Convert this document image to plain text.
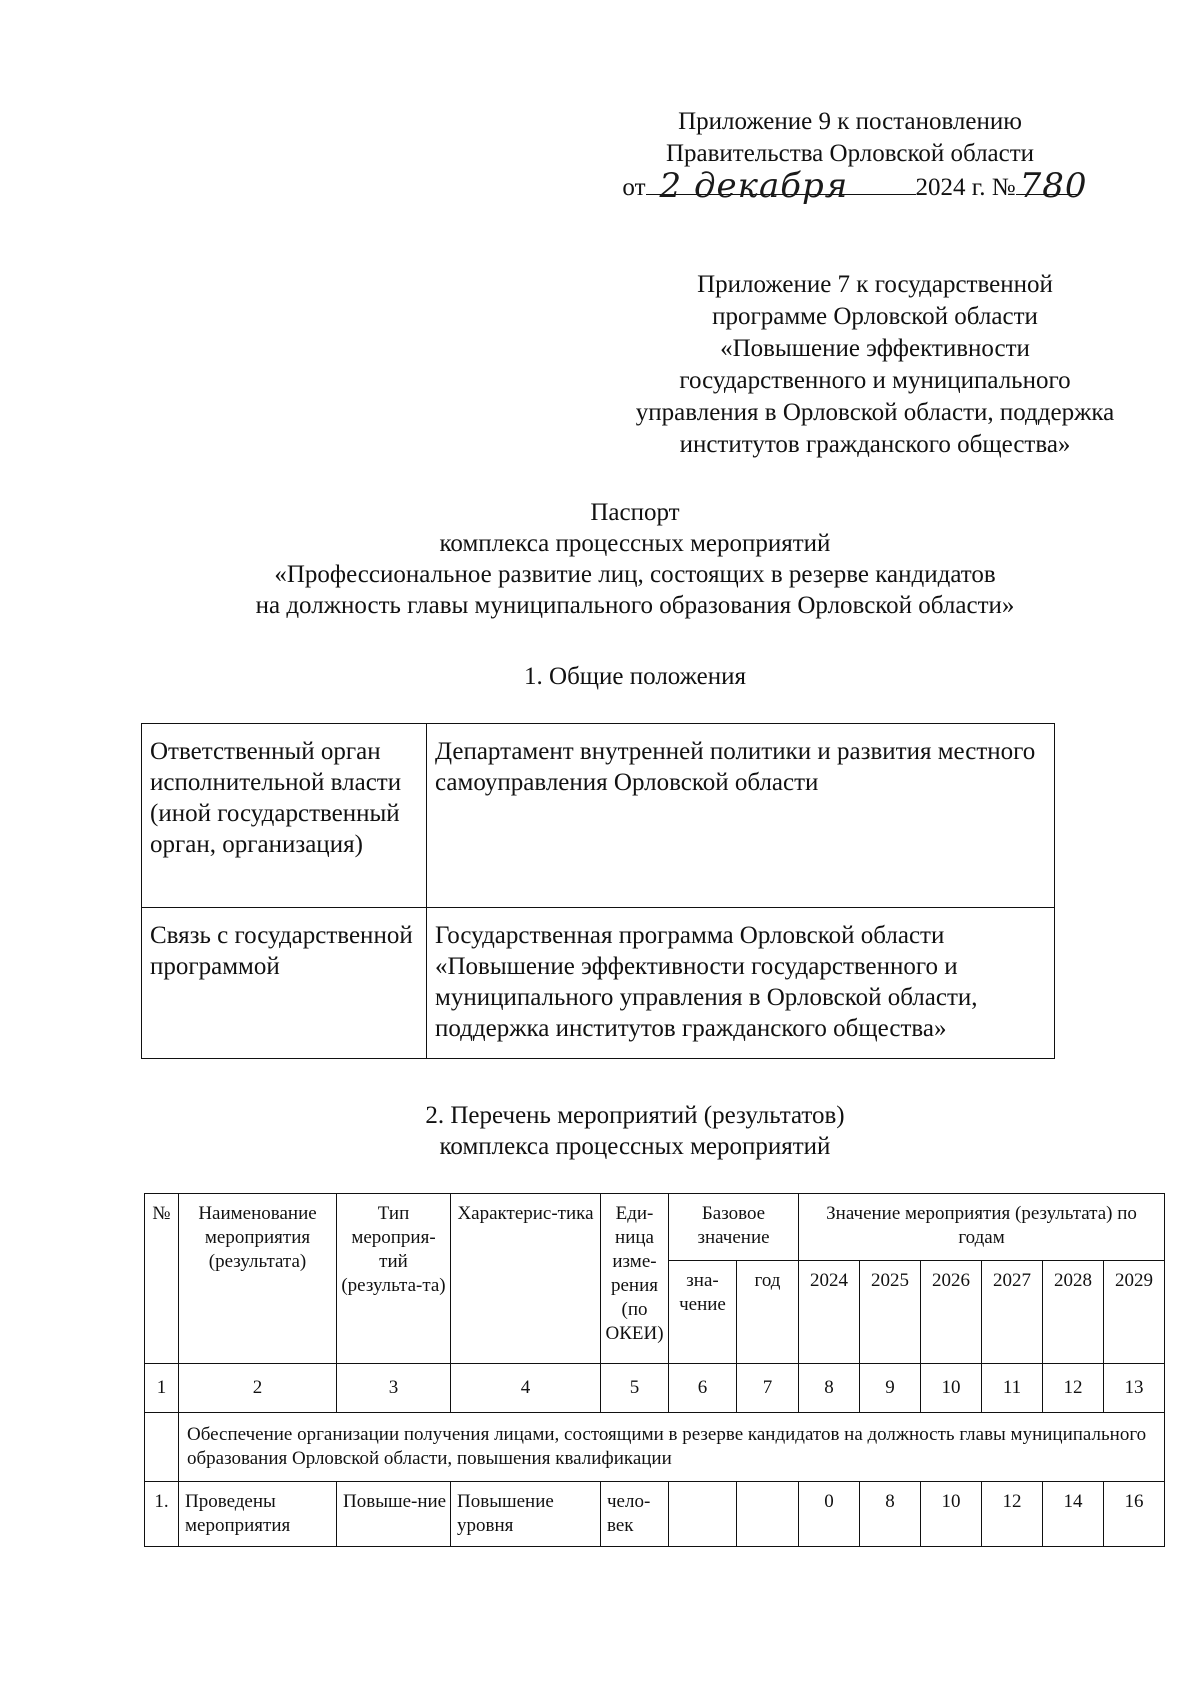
Приложение 9 к постановлению
Правительства Орловской области
от 2 декабря	2024 г. № 780
Приложение 7 к государственной
программе Орловской области
«Повышение эффективности
государственного и муниципального
управления в Орловской области, поддержка
институтов гражданского общества»
Паспорт
комплекса процессных мероприятий
«Профессиональное развитие лиц, состоящих в резерве кандидатов
на должность главы муниципального образования Орловской области»
1. Общие положения
Ответственный орган исполнительной власти (иной государственный орган, организация)	Департамент внутренней политики и развития местного самоуправления Орловской области
Связь с государственной программой	Государственная программа Орловской области «Повышение эффективности государственного и муниципального управления в Орловской области, поддержка институтов гражданского общества»
2. Перечень мероприятий (результатов)
комплекса процессных мероприятий
№	Наименование мероприятия (результата)	Тип мероприя-тий (результа-та)	Характерис-тика	Еди-ница изме-рения (по ОКЕИ)	Базовое значение		Значение мероприятия (результата) по годам					
					зна-чение	год	2024	2025	2026	2027	2028	2029
1	2	3	4	5	6	7	8	9	10	11	12	13
	Обеспечение организации получения лицами, состоящими в резерве кандидатов на должность главы муниципального образования Орловской области, повышения квалификации											
1.	Проведены мероприятия	Повыше-ние	Повышение уровня	чело-век			0	8	10	12	14	16
